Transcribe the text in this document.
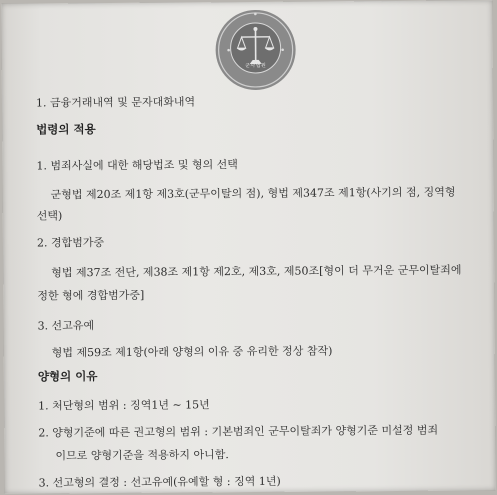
군사법원
1. 금융거래내역 및 문자대화내역
법령의 적용
1. 범죄사실에 대한 해당법조 및 형의 선택
군형법 제20조 제1항 제3호(군무이탈의 점), 형법 제347조 제1항(사기의 점, 징역형
선택)
2. 경합범가중
형법 제37조 전단, 제38조 제1항 제2호, 제3호, 제50조[형이 더 무거운 군무이탈죄에
정한 형에 경합범가중]
3. 선고유예
형법 제59조 제1항(아래 양형의 이유 중 유리한 정상 참작)
양형의 이유
1. 처단형의 범위 : 징역1년 ~ 15년
2. 양형기준에 따른 권고형의 범위 : 기본범죄인 군무이탈죄가 양형기준 미설정 범죄
이므로 양형기준을 적용하지 아니함.
3. 선고형의 결정 : 선고유예(유예할 형 : 징역 1년)
